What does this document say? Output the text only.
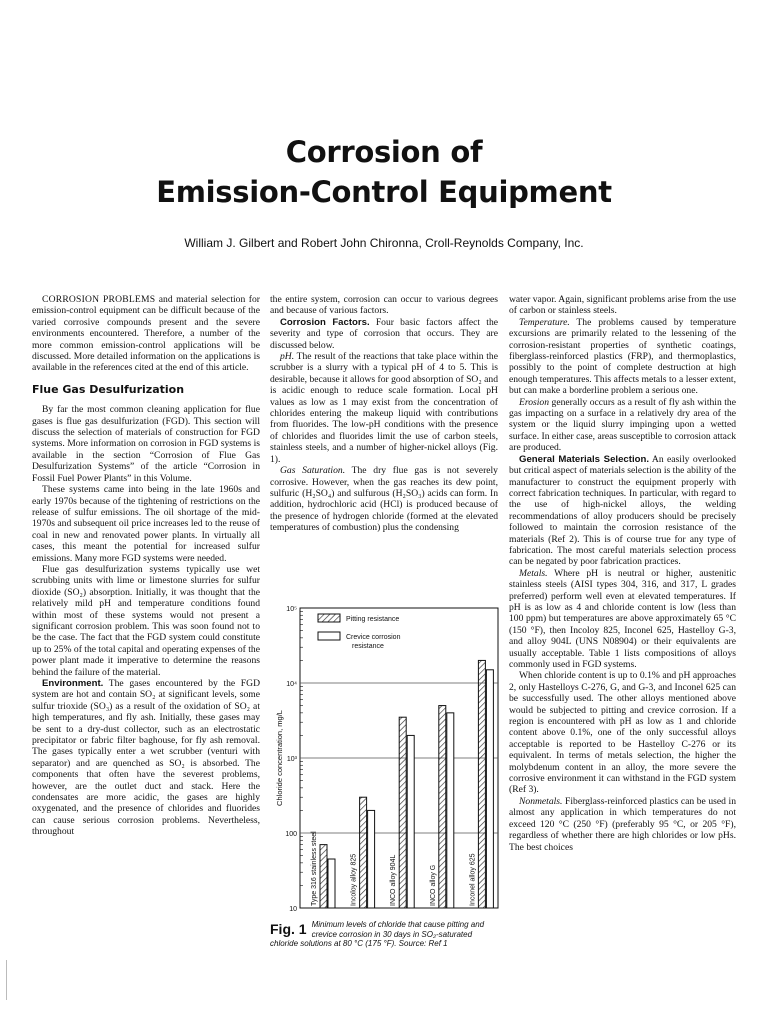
Corrosion of
Emission-Control Equipment
William J. Gilbert and Robert John Chironna, Croll-Reynolds Company, Inc.

CORROSION PROBLEMS and material selection for emission-control equipment can be difficult because of the varied corrosive compounds present and the severe environments encountered. Therefore, a number of the more common emission-control applications will be discussed. More detailed information on the applications is available in the references cited at the end of this article.

Flue Gas Desulfurization

By far the most common cleaning application for flue gases is flue gas desulfurization (FGD). This section will discuss the selection of materials of construction for FGD systems. More information on corrosion in FGD systems is available in the section “Corrosion of Flue Gas Desulfurization Systems” of the article “Corrosion in Fossil Fuel Power Plants” in this Volume.

These systems came into being in the late 1960s and early 1970s because of the tightening of restrictions on the release of sulfur emissions. The oil shortage of the mid-1970s and subsequent oil price increases led to the reuse of coal in new and renovated power plants. In virtually all cases, this meant the potential for increased sulfur emissions. Many more FGD systems were needed.

Flue gas desulfurization systems typically use wet scrubbing units with lime or limestone slurries for sulfur dioxide (SO₂) absorption. Initially, it was thought that the relatively mild pH and temperature conditions found within most of these systems would not present a significant corrosion problem. This was soon found not to be the case. The fact that the FGD system could constitute up to 25% of the total capital and operating expenses of the power plant made it imperative to determine the reasons behind the failure of the material.

Environment. The gases encountered by the FGD system are hot and contain SO₂ at significant levels, some sulfur trioxide (SO₃) as a result of the oxidation of SO₂ at high temperatures, and fly ash. Initially, these gases may be sent to a dry-dust collector, such as an electrostatic precipitator or fabric filter baghouse, for fly ash removal. The gases typically enter a wet scrubber (venturi with separator) and are quenched as SO₂ is absorbed. The components that often have the severest problems, however, are the outlet duct and stack. Here the condensates are more acidic, the gases are highly oxygenated, and the presence of chlorides and fluorides can cause serious corrosion problems. Nevertheless, throughout

the entire system, corrosion can occur to various degrees and because of various factors.

Corrosion Factors. Four basic factors affect the severity and type of corrosion that occurs. They are discussed below.

pH. The result of the reactions that take place within the scrubber is a slurry with a typical pH of 4 to 5. This is desirable, because it allows for good absorption of SO₂ and is acidic enough to reduce scale formation. Local pH values as low as 1 may exist from the concentration of chlorides entering the makeup liquid with contributions from fluorides. The low-pH conditions with the presence of chlorides and fluorides limit the use of carbon steels, stainless steels, and a number of higher-nickel alloys (Fig. 1).

Gas Saturation. The dry flue gas is not severely corrosive. However, when the gas reaches its dew point, sulfuric (H₂SO₄) and sulfurous (H₂SO₃) acids can form. In addition, hydrochloric acid (HCl) is produced because of the presence of hydrogen chloride (formed at the elevated temperatures of combustion) plus the condensing

10
100
10³
10⁴
10⁵
Chloride concentration, mg/L
Type 316 stainless steel	Incoloy alloy 825	INCO alloy 904L	INCO alloy G	Inconel alloy 625
Pitting resistance
Crevice corrosion resistance
Fig. 1 Minimum levels of chloride that cause pitting and crevice corrosion in 30 days in SO₂-saturated chloride solutions at 80 °C (175 °F). Source: Ref 1

water vapor. Again, significant problems arise from the use of carbon or stainless steels.

Temperature. The problems caused by temperature excursions are primarily related to the lessening of the corrosion-resistant properties of synthetic coatings, fiberglass-reinforced plastics (FRP), and thermoplastics, possibly to the point of complete destruction at high enough temperatures. This affects metals to a lesser extent, but can make a borderline problem a serious one.

Erosion generally occurs as a result of fly ash within the gas impacting on a surface in a relatively dry area of the system or the liquid slurry impinging upon a wetted surface. In either case, areas susceptible to corrosion attack are produced.

General Materials Selection. An easily overlooked but critical aspect of materials selection is the ability of the manufacturer to construct the equipment properly with correct fabrication techniques. In particular, with regard to the use of high-nickel alloys, the welding recommendations of alloy producers should be precisely followed to maintain the corrosion resistance of the materials (Ref 2). This is of course true for any type of fabrication. The most careful materials selection process can be negated by poor fabrication practices.

Metals. Where pH is neutral or higher, austenitic stainless steels (AISI types 304, 316, and 317, L grades preferred) perform well even at elevated temperatures. If pH is as low as 4 and chloride content is low (less than 100 ppm) but temperatures are above approximately 65 °C (150 °F), then Incoloy 825, Inconel 625, Hastelloy G-3, and alloy 904L (UNS N08904) or their equivalents are usually acceptable. Table 1 lists compositions of alloys commonly used in FGD systems.

When chloride content is up to 0.1% and pH approaches 2, only Hastelloys C-276, G, and G-3, and Inconel 625 can be successfully used. The other alloys mentioned above would be subjected to pitting and crevice corrosion. If a region is encountered with pH as low as 1 and chloride content above 0.1%, one of the only successful alloys acceptable is reported to be Hastelloy C-276 or its equivalent. In terms of metals selection, the higher the molybdenum content in an alloy, the more severe the corrosive environment it can withstand in the FGD system (Ref 3).

Nonmetals. Fiberglass-reinforced plastics can be used in almost any application in which temperatures do not exceed 120 °C (250 °F) (preferably 95 °C, or 205 °F), regardless of whether there are high chlorides or low pHs. The best choices
